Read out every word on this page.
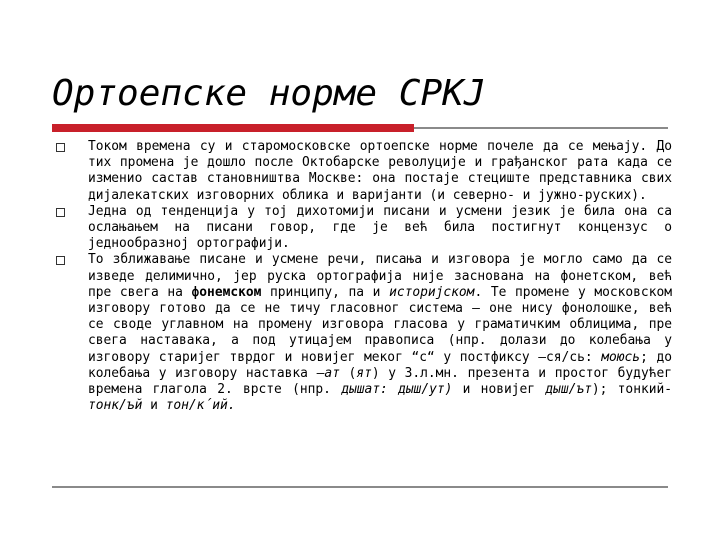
Ортоепске норме СРКЈ
Током времена су и старомосковске ортоепске норме почеле да се мењају. До тих промена је дошло после Октобарске револуције и грађанског рата када се изменио састав становништва Москве: она постаје стециште представника свих дијалекатских изговорних облика и варијанти (и северно- и јужно-руских).
Једна од тенденција у тој дихотомији писани и усмени језик је била она са ослањањем на писани говор, где је већ била постигнут концензус о једнообразној ортографији.
То зближавање писане и усмене речи, писања и изговора је могло само да се изведе делимично, јер руска ортографија није заснована на фонетском, већ пре свега на фонемском принципу, па и историјском. Те промене у московском изговору готово да се не тичу гласовног система – оне нису фонолошке, већ се своде углавном на промену изговора гласова у граматичким облицима, пре свега наставака, а под утицајем правописа (нпр. долази до колебања у изговору старијег тврдог и новијег меког “с“ у постфиксу –ся/сь: моюсь; до колебања у изговору наставка –ат (ят) у 3.л.мн. презента и простог будућег времена глагола 2. врсте (нпр. дышат: дыш/ут) и новијег дыш/ът); тонкий- тонк/ъй и тон/к´ий.
